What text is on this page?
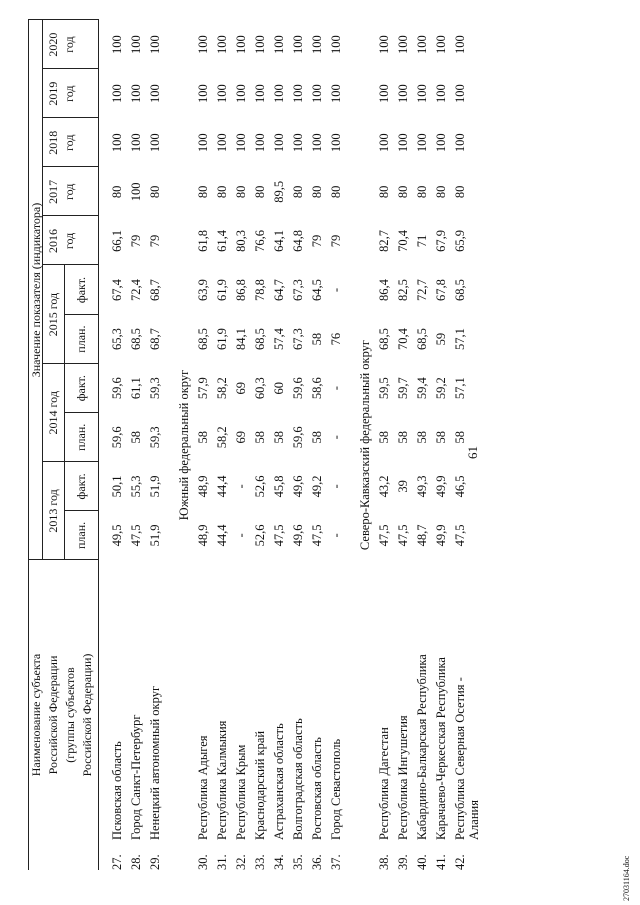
61
Наименование субъекта Российской Федерации (группы субъектов Российской Федерации)
Значение показателя (индикатора)
2013 год
план.
факт.
2014 год
план.
факт.
2015 год
план.
факт.
2016 год
2017 год
2018 год
2019 год
2020 год
27.
Псковская область
49,5
50,1
59,6
59,6
65,3
67,4
66,1
80
100
100
100
28.
Город Санкт-Петербург
47,5
55,3
58
61,1
68,5
72,4
79
100
100
100
100
29.
Ненецкий автономный округ
51,9
51,9
59,3
59,3
68,7
68,7
79
80
100
100
100
Южный федеральный округ
30.
Республика Адыгея
48,9
48,9
58
57,9
68,5
63,9
61,8
80
100
100
100
31.
Республика Калмыкия
44,4
44,4
58,2
58,2
61,9
61,9
61,4
80
100
100
100
32.
Республика Крым
-
-
69
69
84,1
86,8
80,3
80
100
100
100
33.
Краснодарский край
52,6
52,6
58
60,3
68,5
78,8
76,6
80
100
100
100
34.
Астраханская область
47,5
45,8
58
60
57,4
64,7
64,1
89,5
100
100
100
35.
Волгоградская область
49,6
49,6
59,6
59,6
67,3
67,3
64,8
80
100
100
100
36.
Ростовская область
47,5
49,2
58
58,6
58
64,5
79
80
100
100
100
37.
Город Севастополь
-
-
-
-
76
-
79
80
100
100
100
Северо-Кавказский федеральный округ
38.
Республика Дагестан
47,5
43,2
58
59,5
68,5
86,4
82,7
80
100
100
100
39.
Республика Ингушетия
47,5
39
58
59,7
70,4
82,5
70,4
80
100
100
100
40.
Кабардино-Балкарская Республика
48,7
49,3
58
59,4
68,5
72,7
71
80
100
100
100
41.
Карачаево-Черкесская Республика
49,9
49,9
58
59,2
59
67,8
67,9
80
100
100
100
42.
Республика Северная Осетия - Алания
47,5
46,5
58
57,1
57,1
68,5
65,9
80
100
100
100
27031164.doc
